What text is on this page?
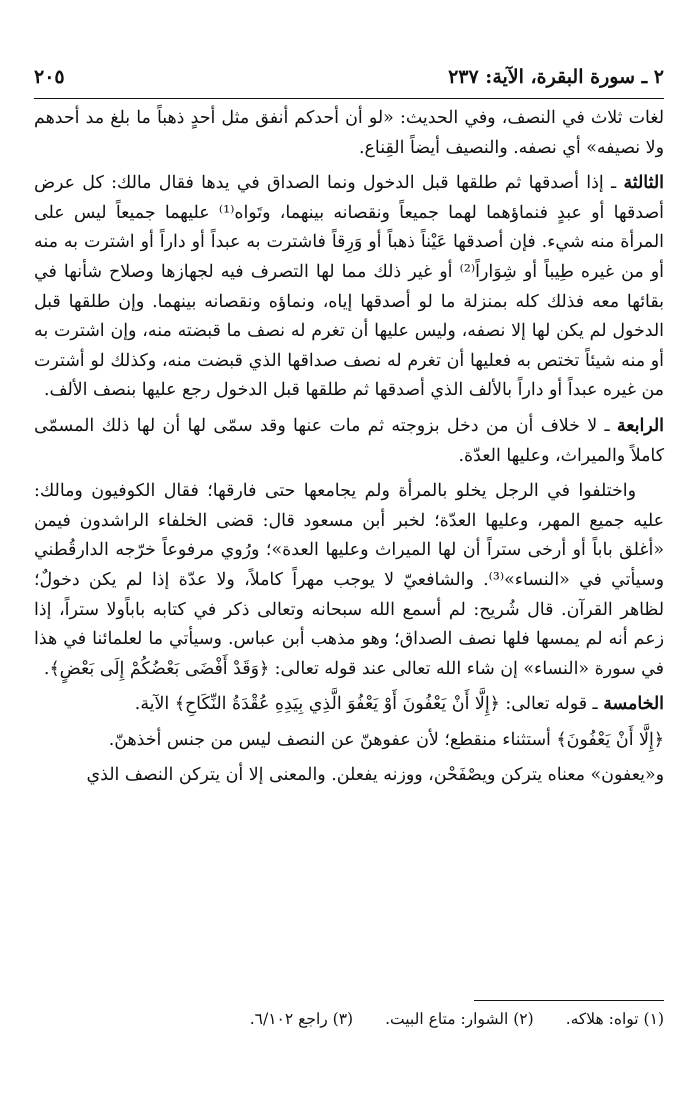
٢٠٥	٢ ـ سورة البقرة، الآية: ٢٣٧

لغات ثلاث في النصف، وفي الحديث: «لو أن أحدكم أنفق مثل أحدٍ ذهباً ما بلغ مد أحدهم ولا نصيفه» أي نصفه. والنصيف أيضاً القِناع.

الثالثة ـ إذا أصدقها ثم طلقها قبل الدخول ونما الصداق في يدها فقال مالك: كل عرض أصدقها أو عبدٍ فنماؤهما لهما جميعاً ونقصانه بينهما، وتَواه⁽¹⁾ عليهما جميعاً ليس على المرأة منه شيء. فإن أصدقها عَيْناً ذهباً أو وَرِقاً فاشترت به عبداً أو داراً أو اشترت به منه أو من غيره طِيباً أو شِوَاراً⁽²⁾ أو غير ذلك مما لها التصرف فيه لجهازها وصلاح شأنها في بقائها معه فذلك كله بمنزلة ما لو أصدقها إياه، ونماؤه ونقصانه بينهما. وإن طلقها قبل الدخول لم يكن لها إلا نصفه، وليس عليها أن تغرم له نصف ما قبضته منه، وإن اشترت به أو منه شيئاً تختص به فعليها أن تغرم له نصف صداقها الذي قبضت منه، وكذلك لو أشترت من غيره عبداً أو داراً بالألف الذي أصدقها ثم طلقها قبل الدخول رجع عليها بنصف الألف.

الرابعة ـ لا خلاف أن من دخل بزوجته ثم مات عنها وقد سمّى لها أن لها ذلك المسمّى كاملاً والميراث، وعليها العدّة.

واختلفوا في الرجل يخلو بالمرأة ولم يجامعها حتى فارقها؛ فقال الكوفيون ومالك: عليه جميع المهر، وعليها العدّة؛ لخبر أبن مسعود قال: قضى الخلفاء الراشدون فيمن «أغلق باباً أو أرخى ستراً أن لها الميراث وعليها العدة»؛ ورُوي مرفوعاً خرّجه الدارقُطني وسيأتي في «النساء»⁽³⁾. والشافعيّ لا يوجب مهراً كاملاً، ولا عدّة إذا لم يكن دخولٌ؛ لظاهر القرآن. قال شُريح: لم أسمع الله سبحانه وتعالى ذكر في كتابه باباًولا ستراً، إذا زعم أنه لم يمسها فلها نصف الصداق؛ وهو مذهب أبن عباس. وسيأتي ما لعلمائنا في هذا في سورة «النساء» إن شاء الله تعالى عند قوله تعالى: ﴿وَقَدْ أَفْضَى بَعْضُكُمْ إِلَى بَعْضٍ﴾.

الخامسة ـ قوله تعالى: ﴿إِلَّا أَنْ يَعْفُونَ أَوْ يَعْفُوَ الَّذِي بِيَدِهِ عُقْدَةُ النِّكَاحِ﴾ الآية.

﴿إِلَّا أَنْ يَعْفُونَ﴾ أستثناء منقطع؛ لأن عفوهنّ عن النصف ليس من جنس أخذهنّ.

و«يعفون» معناه يتركن ويصْفَحْن، ووزنه يفعلن. والمعنى إلا أن يتركن النصف الذي

(١) تواه: هلاكه.
(٢) الشوار: متاع البيت.
(٣) راجع ٦/١٠٢.
